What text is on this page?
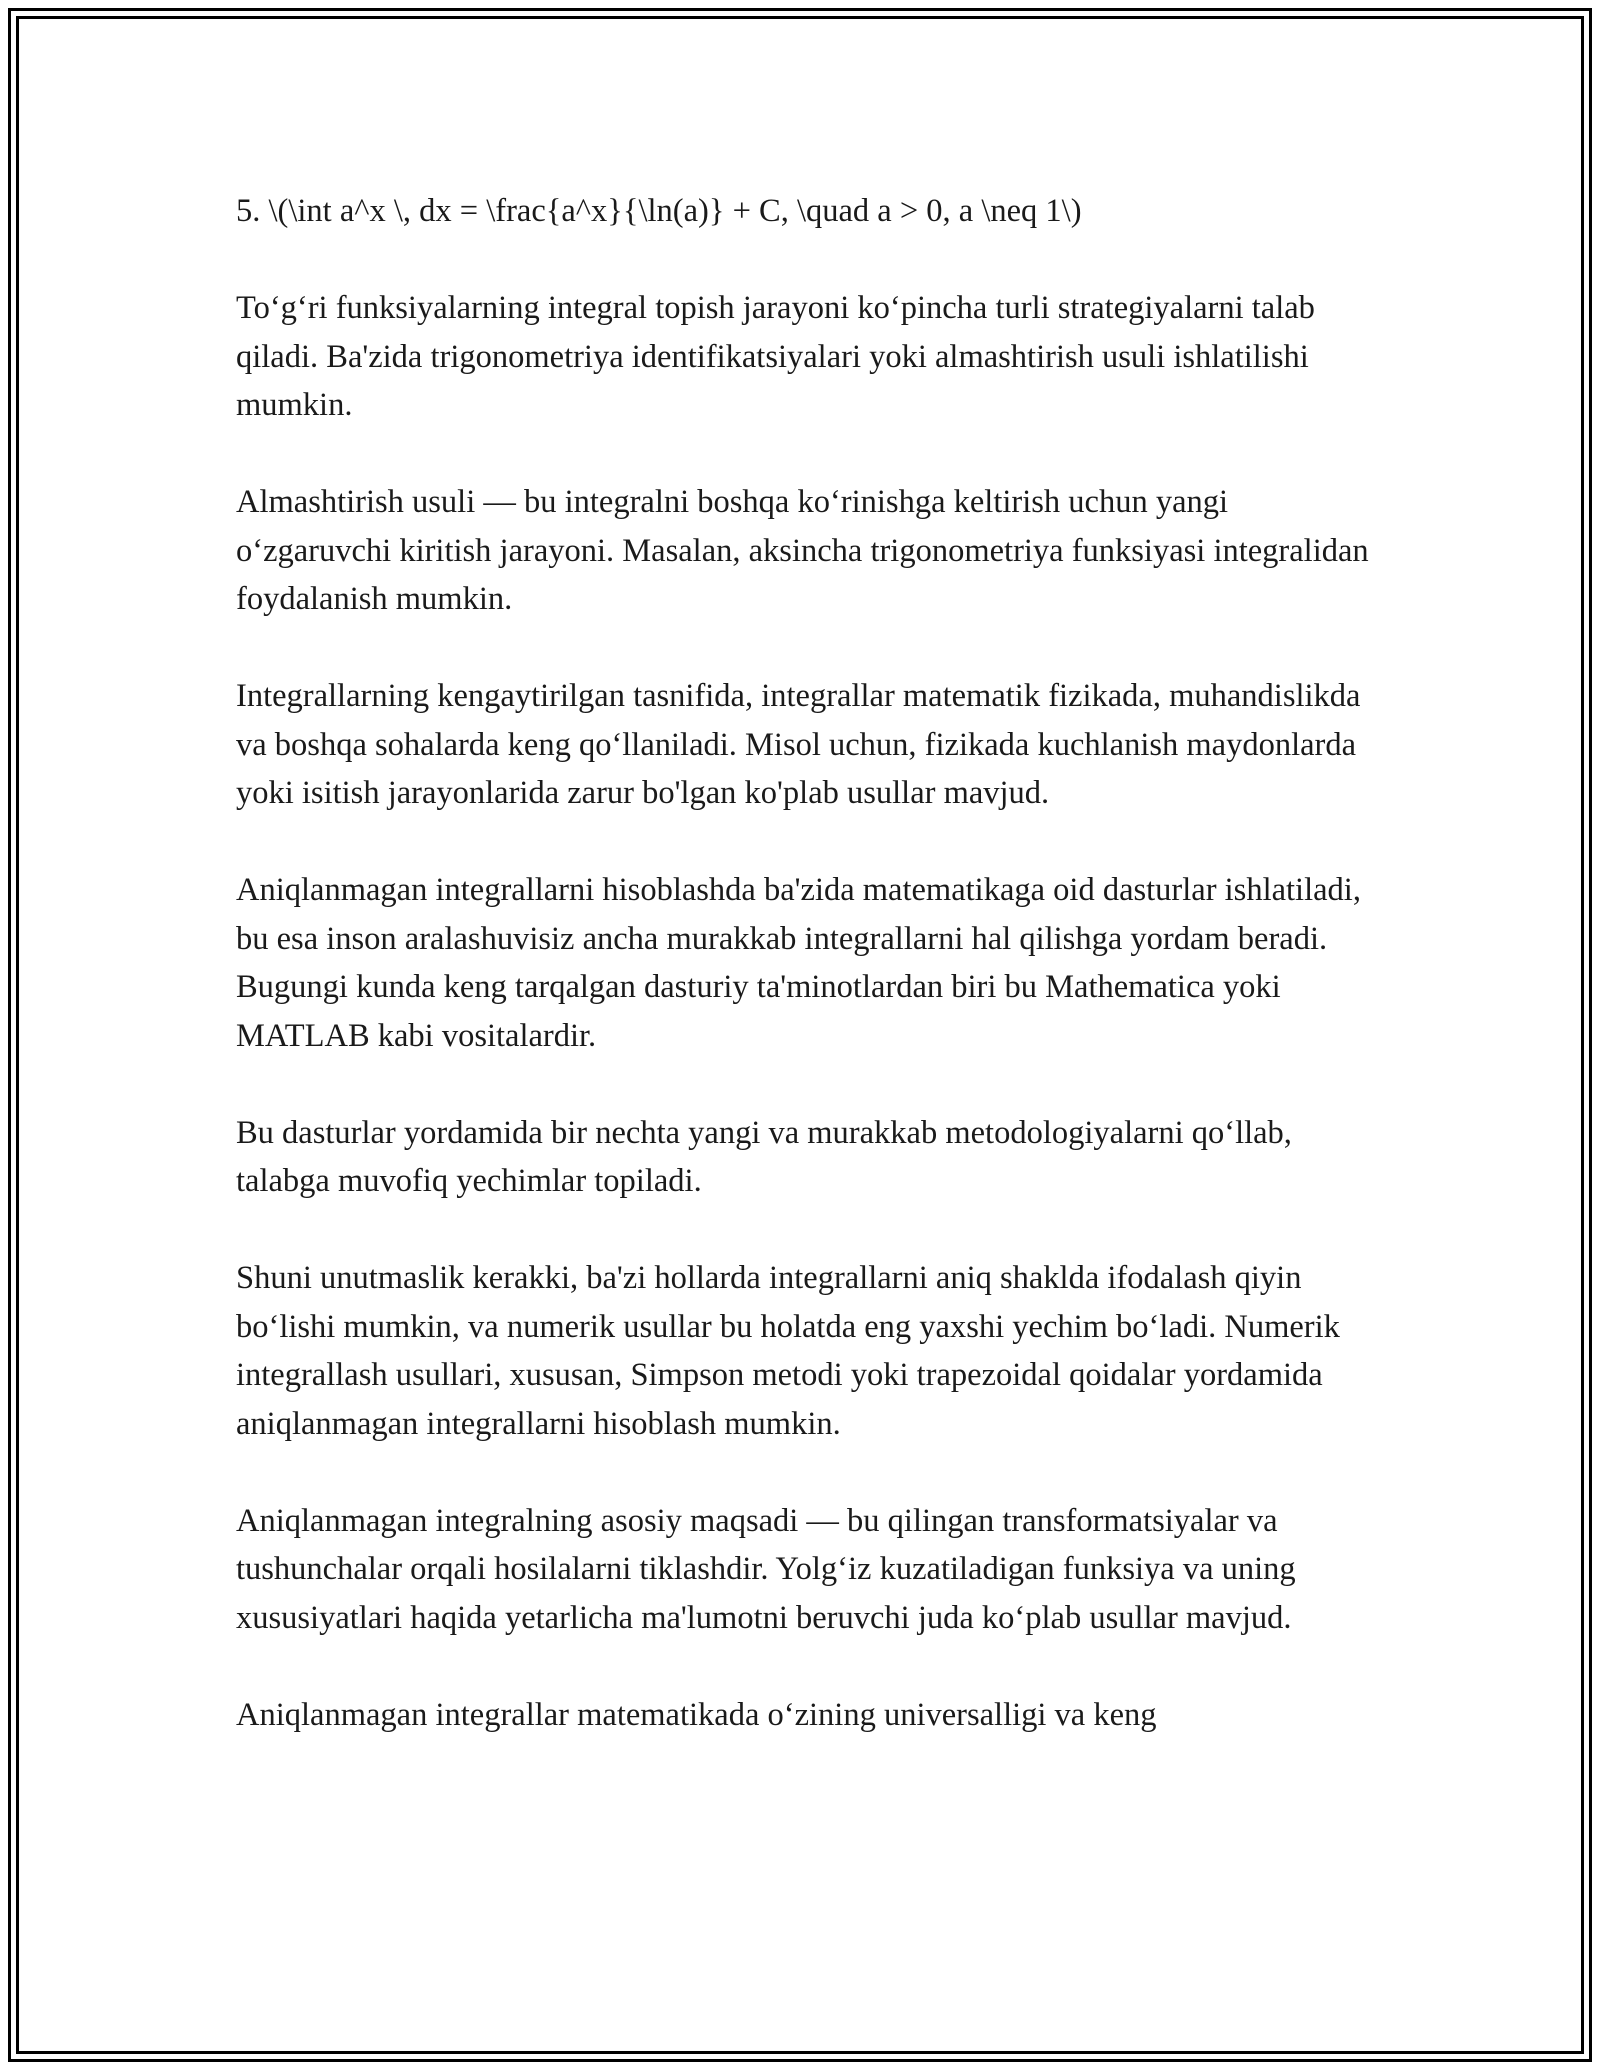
5. \(\int a^x \, dx = \frac{a^x}{\ln(a)} + C, \quad a > 0, a \neq 1\)

To‘g‘ri funksiyalarning integral topish jarayoni ko‘pincha turli strategiyalarni talab qiladi. Ba'zida trigonometriya identifikatsiyalari yoki almashtirish usuli ishlatilishi mumkin.

Almashtirish usuli — bu integralni boshqa ko‘rinishga keltirish uchun yangi o‘zgaruvchi kiritish jarayoni. Masalan, aksincha trigonometriya funksiyasi integralidan foydalanish mumkin.

Integrallarning kengaytirilgan tasnifida, integrallar matematik fizikada, muhandislikda va boshqa sohalarda keng qo‘llaniladi. Misol uchun, fizikada kuchlanish maydonlarda yoki isitish jarayonlarida zarur bo'lgan ko'plab usullar mavjud.

Aniqlanmagan integrallarni hisoblashda ba'zida matematikaga oid dasturlar ishlatiladi, bu esa inson aralashuvisiz ancha murakkab integrallarni hal qilishga yordam beradi. Bugungi kunda keng tarqalgan dasturiy ta'minotlardan biri bu Mathematica yoki MATLAB kabi vositalardir.

Bu dasturlar yordamida bir nechta yangi va murakkab metodologiyalarni qo‘llab, talabga muvofiq yechimlar topiladi.

Shuni unutmaslik kerakki, ba'zi hollarda integrallarni aniq shaklda ifodalash qiyin bo‘lishi mumkin, va numerik usullar bu holatda eng yaxshi yechim bo‘ladi. Numerik integrallash usullari, xususan, Simpson metodi yoki trapezoidal qoidalar yordamida aniqlanmagan integrallarni hisoblash mumkin.

Aniqlanmagan integralning asosiy maqsadi — bu qilingan transformatsiyalar va tushunchalar orqali hosilalarni tiklashdir. Yolg‘iz kuzatiladigan funksiya va uning xususiyatlari haqida yetarlicha ma'lumotni beruvchi juda ko‘plab usullar mavjud.

Aniqlanmagan integrallar matematikada o‘zining universalligi va keng
